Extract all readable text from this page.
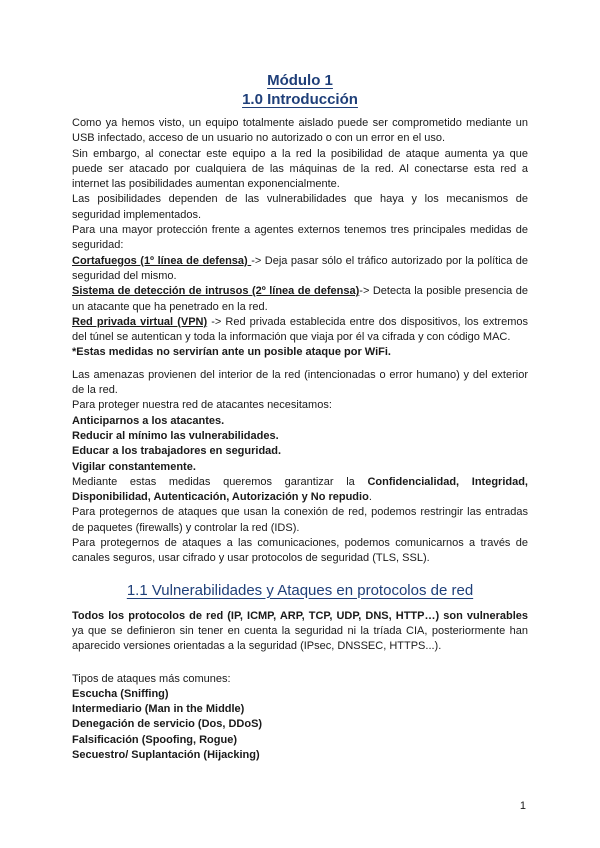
Módulo 1
1.0 Introducción

Como ya hemos visto, un equipo totalmente aislado puede ser comprometido mediante un USB infectado, acceso de un usuario no autorizado o con un error en el uso.

Sin embargo, al conectar este equipo a la red la posibilidad de ataque aumenta ya que puede ser atacado por cualquiera de las máquinas de la red. Al conectarse esta red a internet las posibilidades aumentan exponencialmente.

Las posibilidades dependen de las vulnerabilidades que haya y los mecanismos de seguridad implementados.

Para una mayor protección frente a agentes externos tenemos tres principales medidas de seguridad:

Cortafuegos (1º línea de defensa) -> Deja pasar sólo el tráfico autorizado por la política de seguridad del mismo.

Sistema de detección de intrusos (2º línea de defensa)-> Detecta la posible presencia de un atacante que ha penetrado en la red.

Red privada virtual (VPN) -> Red privada establecida entre dos dispositivos, los extremos del túnel se autentican y toda la información que viaja por él va cifrada y con código MAC.

*Estas medidas no servirían ante un posible ataque por WiFi.

Las amenazas provienen del interior de la red (intencionadas o error humano) y del exterior de la red.

Para proteger nuestra red de atacantes necesitamos:

Anticiparnos a los atacantes.

Reducir al mínimo las vulnerabilidades.

Educar a los trabajadores en seguridad.

Vigilar constantemente.

Mediante estas medidas queremos garantizar la Confidencialidad, Integridad, Disponibilidad, Autenticación, Autorización y No repudio.

Para protegernos de ataques que usan la conexión de red, podemos restringir las entradas de paquetes (firewalls) y controlar la red (IDS).

Para protegernos de ataques a las comunicaciones, podemos comunicarnos a través de canales seguros, usar cifrado y usar protocolos de seguridad (TLS, SSL).

1.1 Vulnerabilidades y Ataques en protocolos de red

Todos los protocolos de red (IP, ICMP, ARP, TCP, UDP, DNS, HTTP…) son vulnerables ya que se definieron sin tener en cuenta la seguridad ni la tríada CIA, posteriormente han aparecido versiones orientadas a la seguridad (IPsec, DNSSEC, HTTPS...).

Tipos de ataques más comunes:

Escucha (Sniffing)

Intermediario (Man in the Middle)

Denegación de servicio (Dos, DDoS)

Falsificación (Spoofing, Rogue)

Secuestro/ Suplantación (Hijacking)

1
